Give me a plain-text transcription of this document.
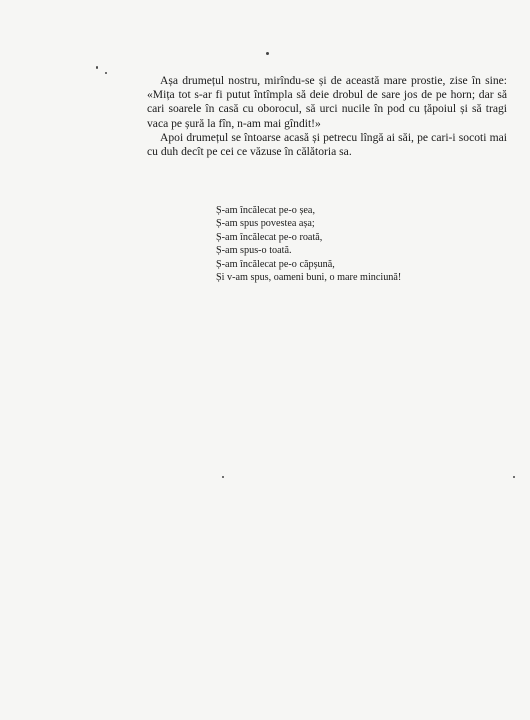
Așa drumețul nostru, mirîndu-se și de această mare prostie, zise în sine: «Mița tot s-ar fi putut întîmpla să deie drobul de sare jos de pe horn; dar să cari soarele în casă cu oborocul, să urci nucile în pod cu țăpoiul și să tragi vaca pe șură la fîn, n-am mai gîndit!»

Apoi drumețul se întoarse acasă și petrecu lîngă ai săi, pe cari-i socoti mai cu duh decît pe cei ce văzuse în călătoria sa.

Ș-am încălecat pe-o șea,
Ș-am spus povestea așa;
Ș-am încălecat pe-o roată,
Ș-am spus-o toată.
Ș-am încălecat pe-o căpșună,
Și v-am spus, oameni buni, o mare minciună!
